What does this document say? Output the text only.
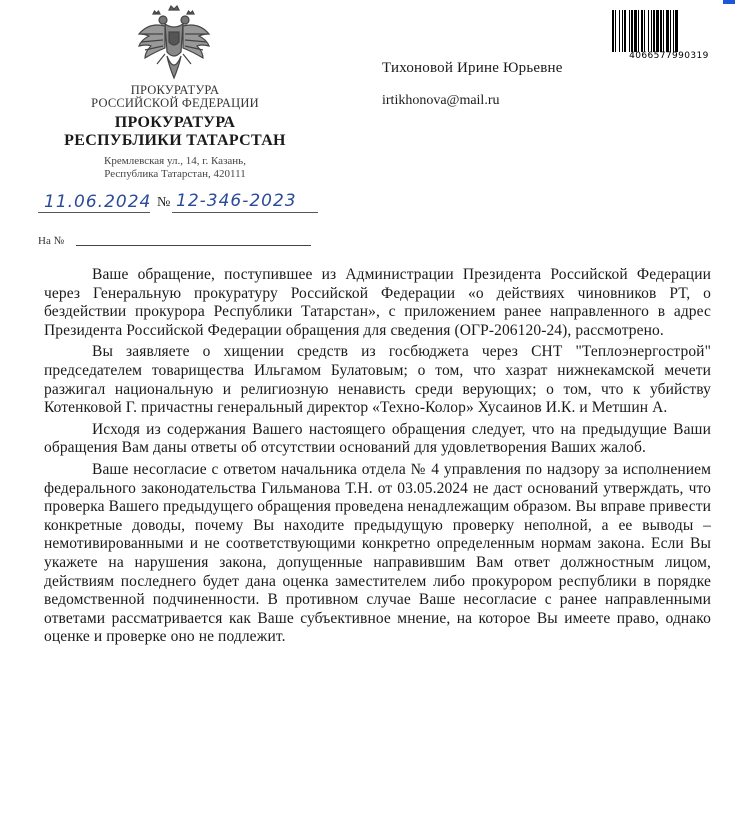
ПРОКУРАТУРА
РОССИЙСКОЙ ФЕДЕРАЦИИ
ПРОКУРАТУРА
РЕСПУБЛИКИ ТАТАРСТАН
Кремлевская ул., 14, г. Казань,
Республика Татарстан, 420111
11.06.2024 № 12-346-2023
На №
Тихоновой Ирине Юрьевне
irtikhonova@mail.ru
4066577990319

Ваше обращение, поступившее из Администрации Президента Российской Федерации через Генеральную прокуратуру Российской Федерации «о действиях чиновников РТ, о бездействии прокурора Республики Татарстан», с приложением ранее направленного в адрес Президента Российской Федерации обращения для сведения (ОГР-206120-24), рассмотрено.

Вы заявляете о хищении средств из госбюджета через СНТ "Теплоэнергострой" председателем товарищества Ильгамом Булатовым; о том, что хазрат нижнекамской мечети разжигал национальную и религиозную ненависть среди верующих; о том, что к убийству Котенковой Г. причастны генеральный директор «Техно-Колор» Хусаинов И.К. и Метшин А.

Исходя из содержания Вашего настоящего обращения следует, что на предыдущие Ваши обращения Вам даны ответы об отсутствии оснований для удовлетворения Ваших жалоб.

Ваше несогласие с ответом начальника отдела № 4 управления по надзору за исполнением федерального законодательства Гильманова Т.Н. от 03.05.2024 не даст оснований утверждать, что проверка Вашего предыдущего обращения проведена ненадлежащим образом. Вы вправе привести конкретные доводы, почему Вы находите предыдущую проверку неполной, а ее выводы – немотивированными и не соответствующими конкретно определенным нормам закона. Если Вы укажете на нарушения закона, допущенные направившим Вам ответ должностным лицом, действиям последнего будет дана оценка заместителем либо прокурором республики в порядке ведомственной подчиненности. В противном случае Ваше несогласие с ранее направленными ответами рассматривается как Ваше субъективное мнение, на которое Вы имеете право, однако оценке и проверке оно не подлежит.
